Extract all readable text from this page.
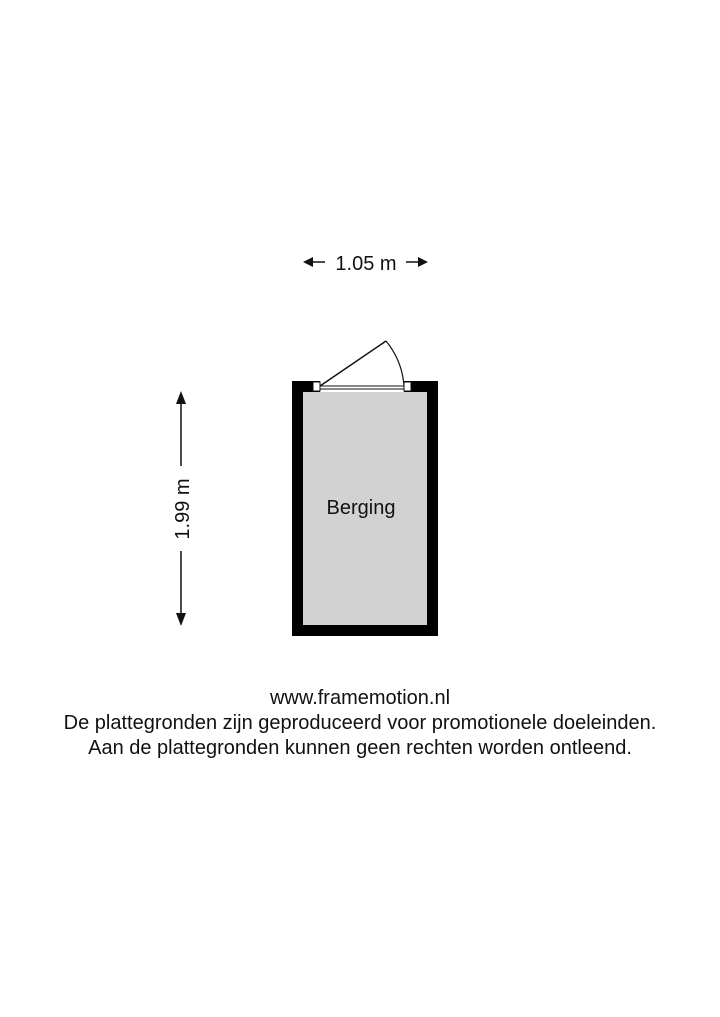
1.05 m
1.99 m	Berging
www.framemotion.nl
De plattegronden zijn geproduceerd voor promotionele doeleinden.
Aan de plattegronden kunnen geen rechten worden ontleend.
